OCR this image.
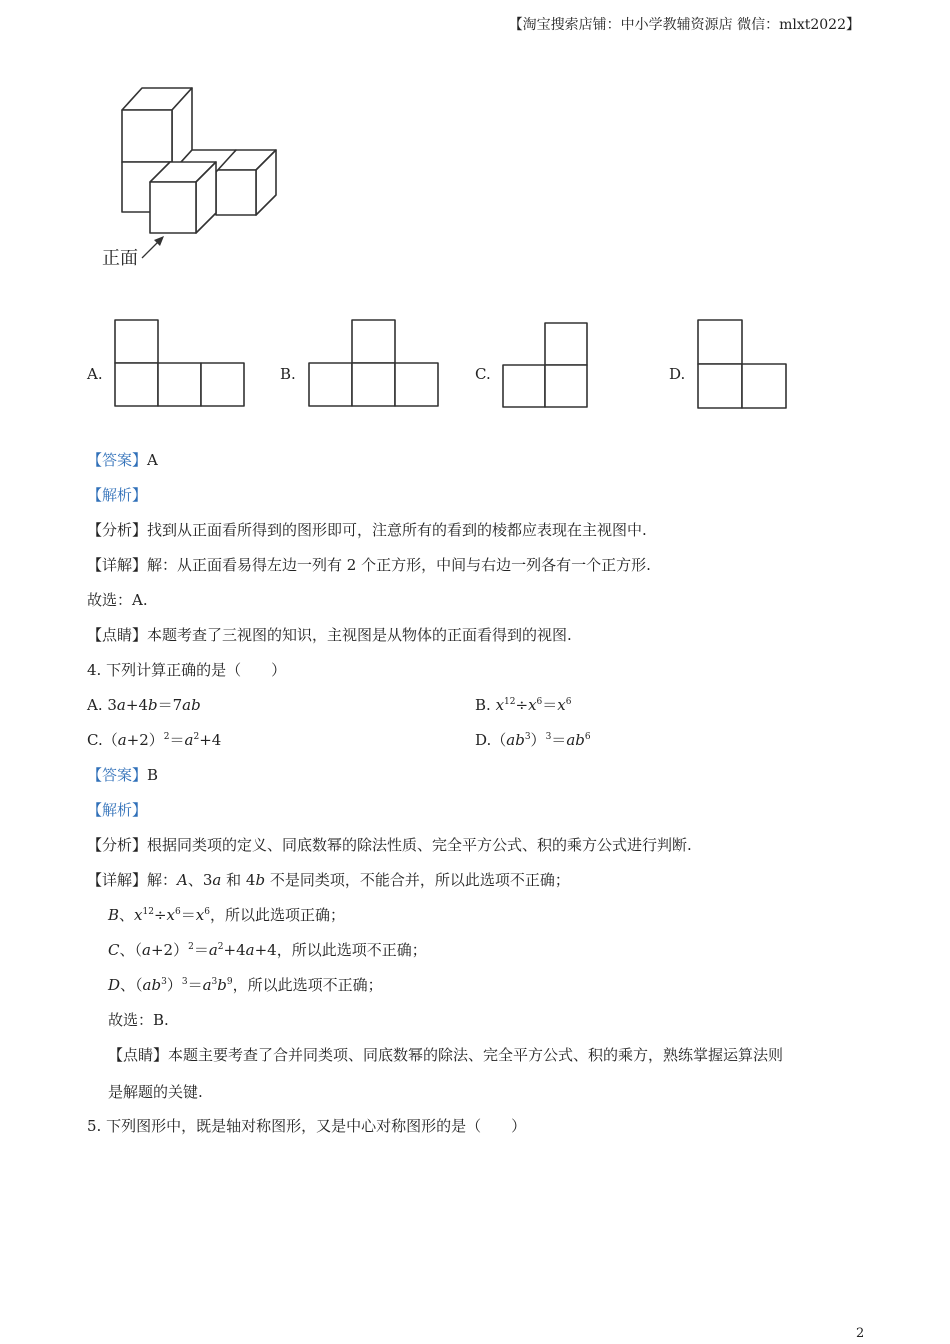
【淘宝搜索店铺：中小学教辅资源店 微信：mlxt2022】
正面
A.	B.	C.	D.
【答案】A
【解析】
【分析】找到从正面看所得到的图形即可，注意所有的看到的棱都应表现在主视图中.
【详解】解：从正面看易得左边一列有 2 个正方形，中间与右边一列各有一个正方形.
故选：A.
【点睛】本题考查了三视图的知识，主视图是从物体的正面看得到的视图.
4. 下列计算正确的是（　　）
A. 3a+4b＝7ab	B. $x^{12}\div x^6=x^6$
$C.(a+2)^2=a^2+4$	$D.(ab^3)^3=ab^6$
【答案】B
【解析】
【分析】根据同类项的定义、同底数幂的除法性质、完全平方公式、积的乘方公式进行判断.
【详解】解：A、3a 和 4b 不是同类项，不能合并，所以此选项不正确；
B、$x^{12}\div x^6=x^6$，所以此选项正确；
C、$(a+2)^2=a^2+4a+4$，所以此选项不正确；
D、$(ab^3)^3=a^3b^9$，所以此选项不正确；
故选：B.
【点睛】本题主要考查了合并同类项、同底数幂的除法、完全平方公式、积的乘方，熟练掌握运算法则
是解题的关键.
5. 下列图形中，既是轴对称图形，又是中心对称图形的是（　　）
2
